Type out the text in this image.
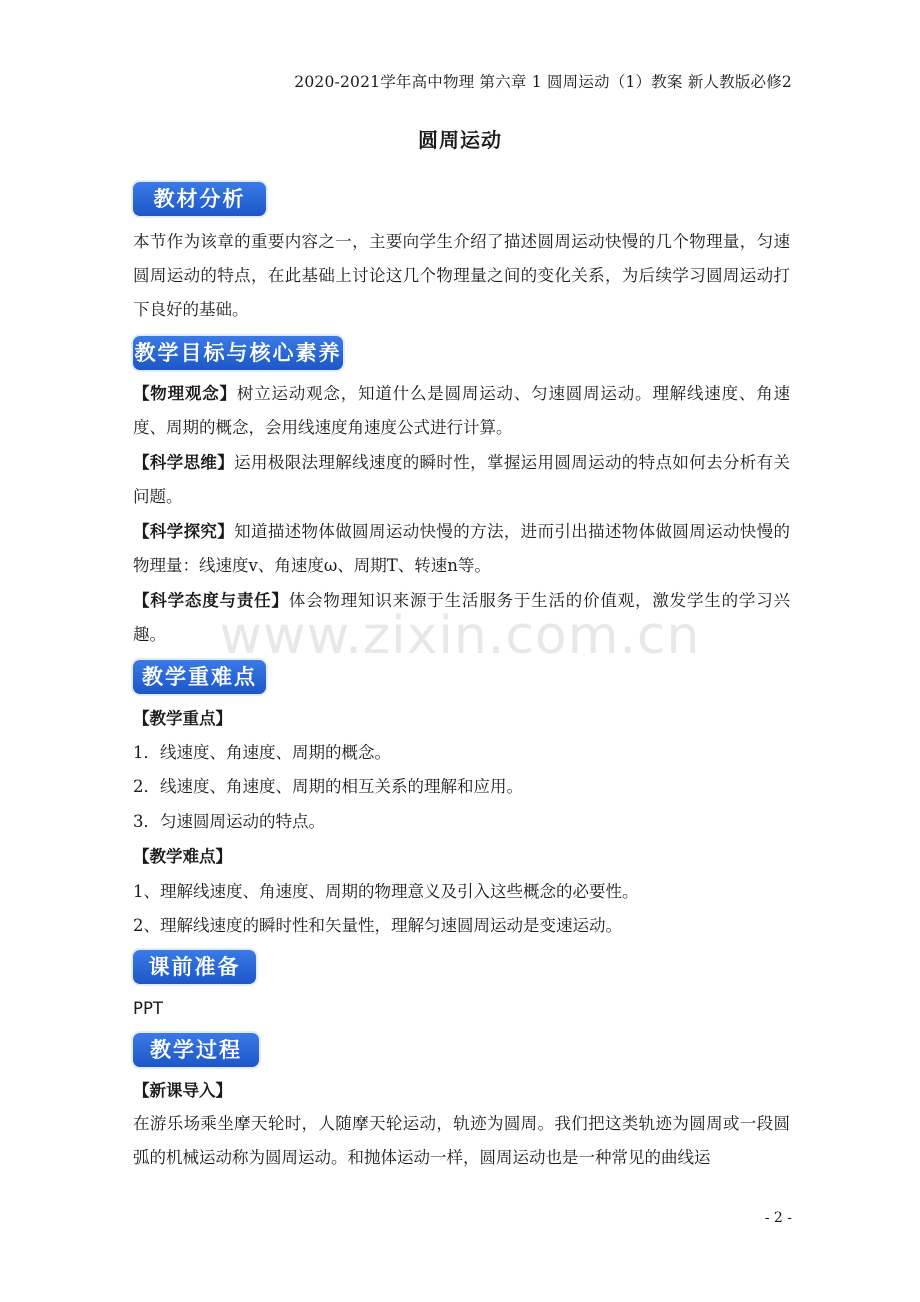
2020-2021学年高中物理 第六章 1 圆周运动（1）教案 新人教版必修2
圆周运动
教材分析
本节作为该章的重要内容之一，主要向学生介绍了描述圆周运动快慢的几个物理量，匀速圆周运动的特点，在此基础上讨论这几个物理量之间的变化关系，为后续学习圆周运动打下良好的基础。
教学目标与核心素养
【物理观念】树立运动观念，知道什么是圆周运动、匀速圆周运动。理解线速度、角速度、周期的概念，会用线速度角速度公式进行计算。
【科学思维】运用极限法理解线速度的瞬时性，掌握运用圆周运动的特点如何去分析有关问题。
【科学探究】知道描述物体做圆周运动快慢的方法，进而引出描述物体做圆周运动快慢的物理量：线速度v、角速度ω、周期T、转速n等。
【科学态度与责任】体会物理知识来源于生活服务于生活的价值观，激发学生的学习兴趣。
教学重难点
【教学重点】
1．线速度、角速度、周期的概念。
2．线速度、角速度、周期的相互关系的理解和应用。
3．匀速圆周运动的特点。
【教学难点】
1、理解线速度、角速度、周期的物理意义及引入这些概念的必要性。
2、理解线速度的瞬时性和矢量性，理解匀速圆周运动是变速运动。
课前准备
PPT
教学过程
【新课导入】
在游乐场乘坐摩天轮时，人随摩天轮运动，轨迹为圆周。我们把这类轨迹为圆周或一段圆弧的机械运动称为圆周运动。和抛体运动一样，圆周运动也是一种常见的曲线运
www.zixin.com.cn
- 2 -
